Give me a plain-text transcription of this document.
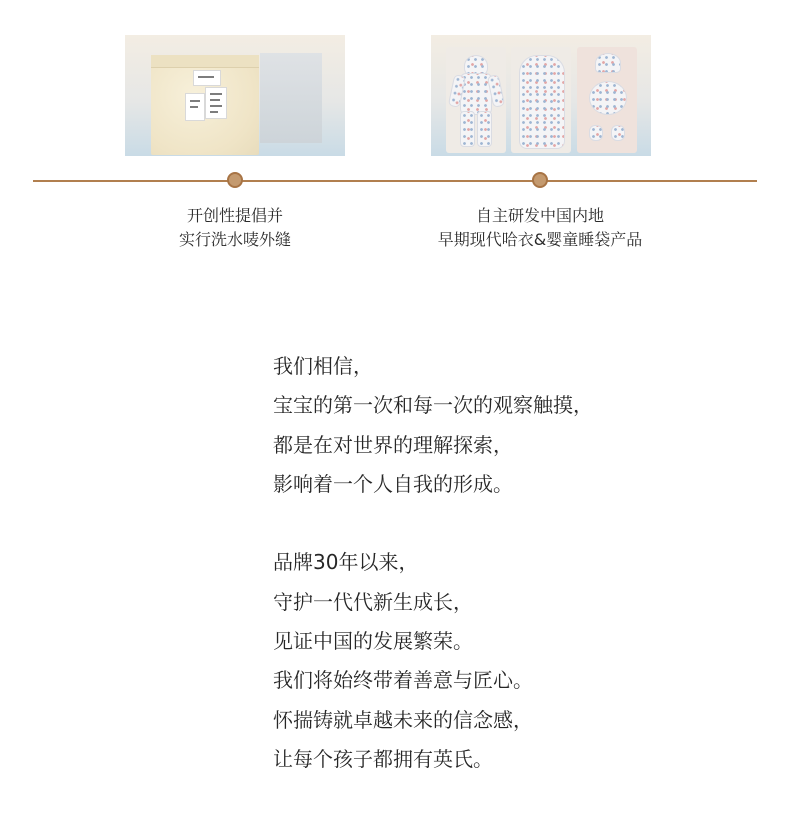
开创性提倡并
实行洗水唛外缝
自主研发中国内地
早期现代哈衣&婴童睡袋产品
我们相信，
宝宝的第一次和每一次的观察触摸，
都是在对世界的理解探索，
影响着一个人自我的形成。
品牌30年以来，
守护一代代新生成长，
见证中国的发展繁荣。
我们将始终带着善意与匠心。
怀揣铸就卓越未来的信念感，
让每个孩子都拥有英氏。
